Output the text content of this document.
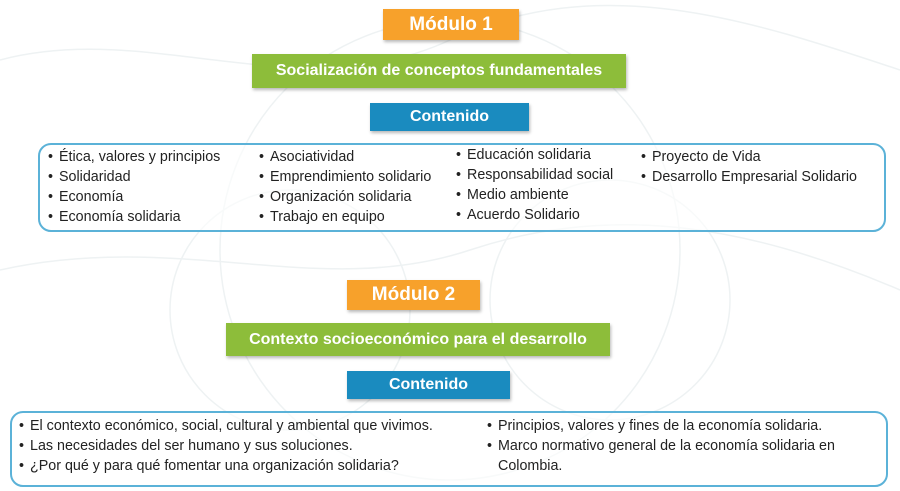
Módulo 1
Socialización de conceptos fundamentales
Contenido
• Ética, valores y principios
• Solidaridad
• Economía
• Economía solidaria
• Asociatividad
• Emprendimiento solidario
• Organización solidaria
• Trabajo en equipo
• Educación solidaria
• Responsabilidad social
• Medio ambiente
• Acuerdo Solidario
• Proyecto de Vida
• Desarrollo Empresarial Solidario
Módulo 2
Contexto socioeconómico para el desarrollo
Contenido
• El contexto económico, social, cultural y ambiental que vivimos.
• Las necesidades del ser humano y sus soluciones.
• ¿Por qué y para qué fomentar una organización solidaria?
• Principios, valores y fines de la economía solidaria.
• Marco normativo general de la economía solidaria en Colombia.
